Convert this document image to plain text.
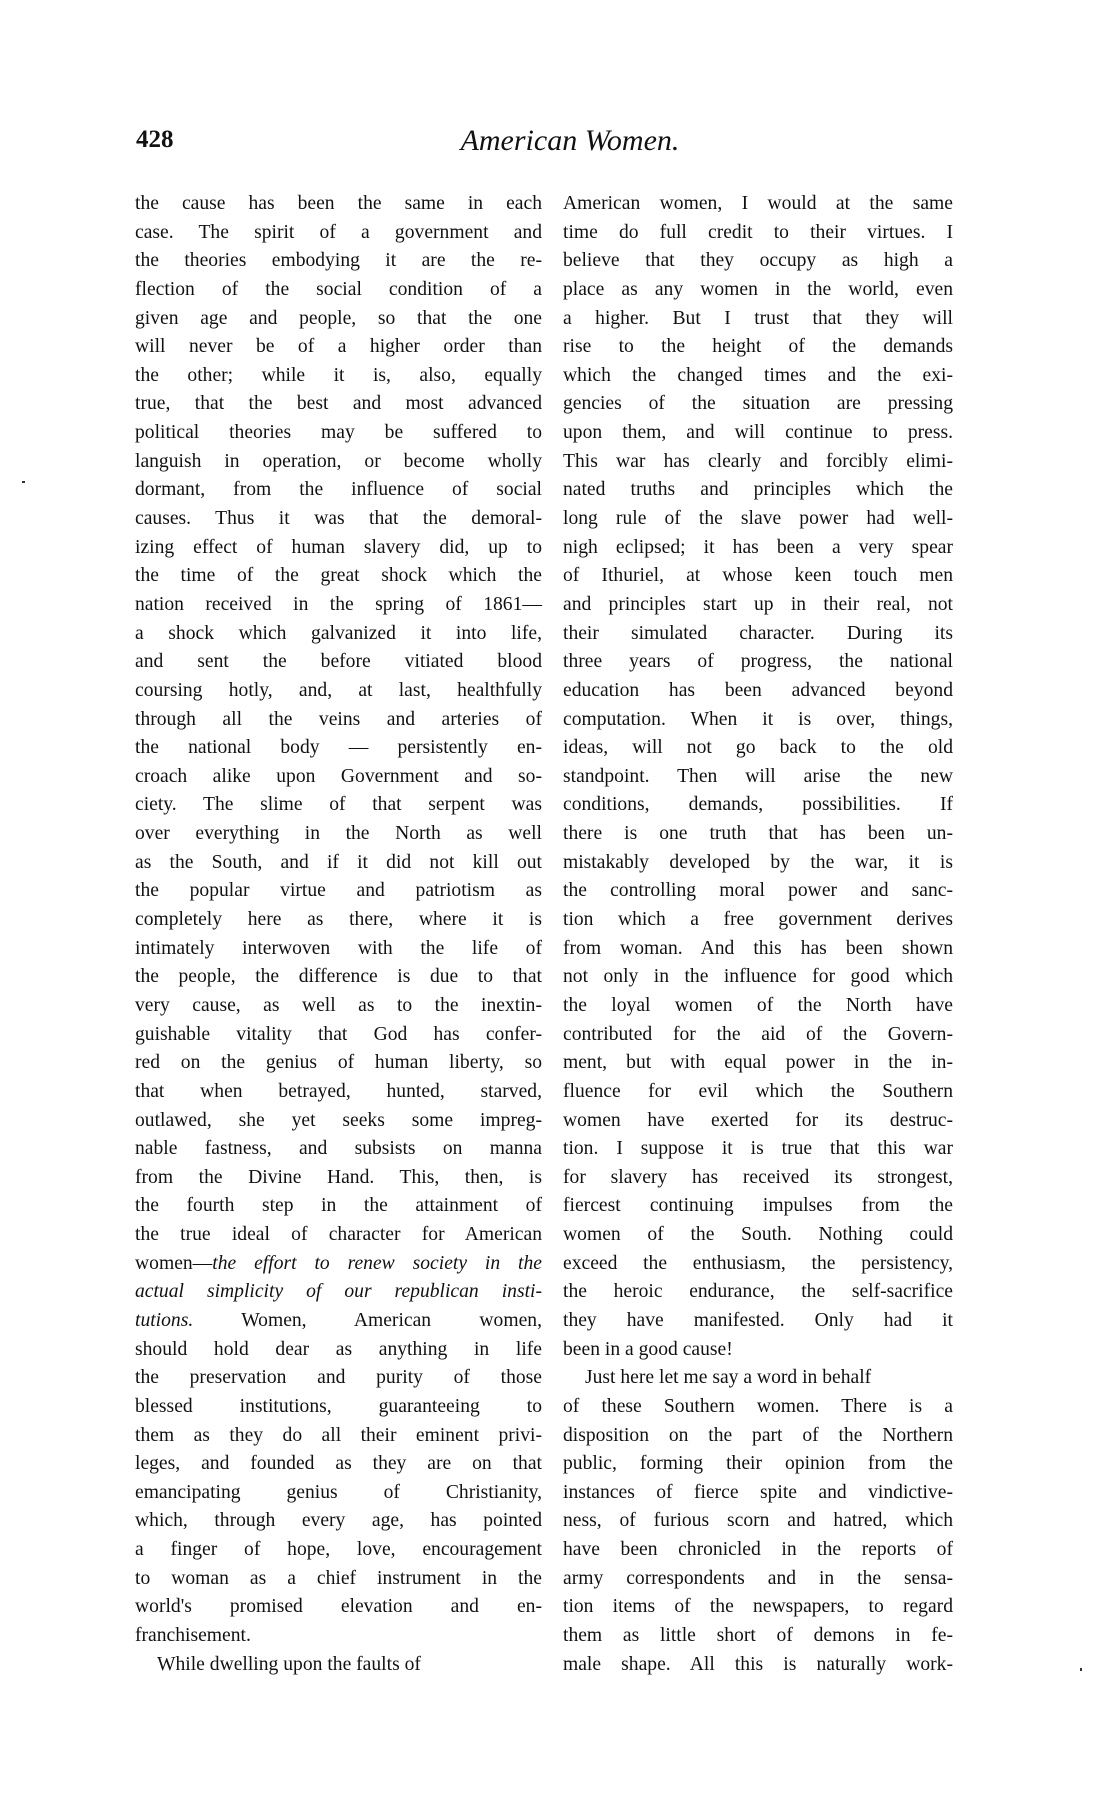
428	American Women.
the cause has been the same in each
case. The spirit of a government and
the theories embodying it are the re-
flection of the social condition of a
given age and people, so that the one
will never be of a higher order than
the other; while it is, also, equally
true, that the best and most advanced
political theories may be suffered to
languish in operation, or become wholly
dormant, from the influence of social
causes. Thus it was that the demoral-
izing effect of human slavery did, up to
the time of the great shock which the
nation received in the spring of 1861—
a shock which galvanized it into life,
and sent the before vitiated blood
coursing hotly, and, at last, healthfully
through all the veins and arteries of
the national body — persistently en-
croach alike upon Government and so-
ciety. The slime of that serpent was
over everything in the North as well
as the South, and if it did not kill out
the popular virtue and patriotism as
completely here as there, where it is
intimately interwoven with the life of
the people, the difference is due to that
very cause, as well as to the inextin-
guishable vitality that God has confer-
red on the genius of human liberty, so
that when betrayed, hunted, starved,
outlawed, she yet seeks some impreg-
nable fastness, and subsists on manna
from the Divine Hand. This, then, is
the fourth step in the attainment of
the true ideal of character for American
women—the effort to renew society in the
actual simplicity of our republican insti-
tutions. Women, American women,
should hold dear as anything in life
the preservation and purity of those
blessed institutions, guaranteeing to
them as they do all their eminent privi-
leges, and founded as they are on that
emancipating genius of Christianity,
which, through every age, has pointed
a finger of hope, love, encouragement
to woman as a chief instrument in the
world's promised elevation and en-
franchisement.
While dwelling upon the faults of
American women, I would at the same
time do full credit to their virtues. I
believe that they occupy as high a
place as any women in the world, even
a higher. But I trust that they will
rise to the height of the demands
which the changed times and the exi-
gencies of the situation are pressing
upon them, and will continue to press.
This war has clearly and forcibly elimi-
nated truths and principles which the
long rule of the slave power had well-
nigh eclipsed; it has been a very spear
of Ithuriel, at whose keen touch men
and principles start up in their real, not
their simulated character. During its
three years of progress, the national
education has been advanced beyond
computation. When it is over, things,
ideas, will not go back to the old
standpoint. Then will arise the new
conditions, demands, possibilities. If
there is one truth that has been un-
mistakably developed by the war, it is
the controlling moral power and sanc-
tion which a free government derives
from woman. And this has been shown
not only in the influence for good which
the loyal women of the North have
contributed for the aid of the Govern-
ment, but with equal power in the in-
fluence for evil which the Southern
women have exerted for its destruc-
tion. I suppose it is true that this war
for slavery has received its strongest,
fiercest continuing impulses from the
women of the South. Nothing could
exceed the enthusiasm, the persistency,
the heroic endurance, the self-sacrifice
they have manifested. Only had it
been in a good cause!
Just here let me say a word in behalf
of these Southern women. There is a
disposition on the part of the Northern
public, forming their opinion from the
instances of fierce spite and vindictive-
ness, of furious scorn and hatred, which
have been chronicled in the reports of
army correspondents and in the sensa-
tion items of the newspapers, to regard
them as little short of demons in fe-
male shape. All this is naturally work-
